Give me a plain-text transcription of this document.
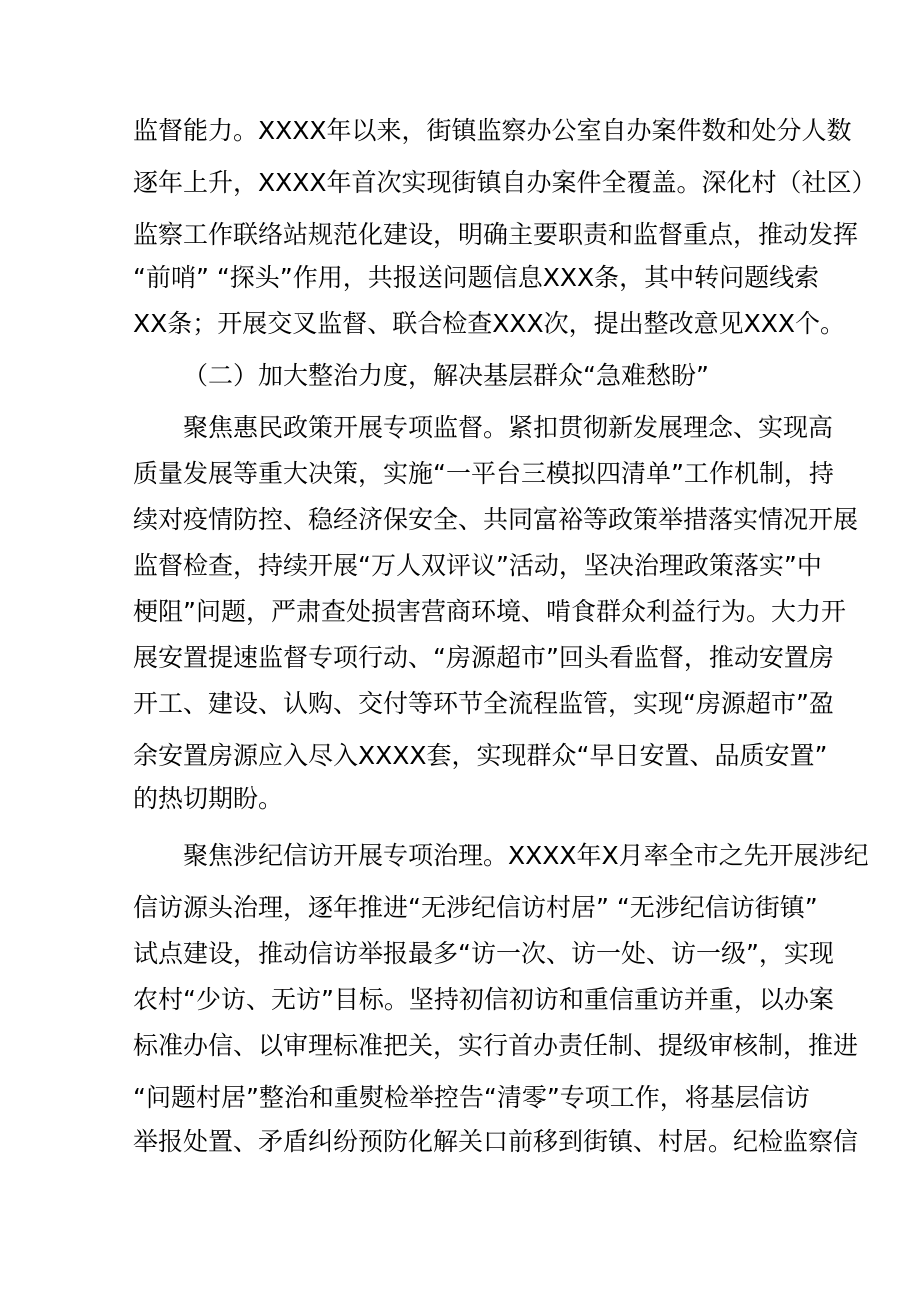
监督能力。XXXX年以来，街镇监察办公室自办案件数和处分人数
逐年上升，XXXX年首次实现街镇自办案件全覆盖。深化村（社区）
监察工作联络站规范化建设，明确主要职责和监督重点，推动发挥
“前哨” “探头”作用，共报送问题信息XXX条，其中转问题线索
XX条；开展交叉监督、联合检查XXX次，提出整改意见XXX个。
（二）加大整治力度，解决基层群众“急难愁盼”
聚焦惠民政策开展专项监督。紧扣贯彻新发展理念、实现高
质量发展等重大决策，实施“一平台三模拟四清单”工作机制，持
续对疫情防控、稳经济保安全、共同富裕等政策举措落实情况开展
监督检查，持续开展“万人双评议”活动，坚决治理政策落实”中
梗阻”问题，严肃查处损害营商环境、啃食群众利益行为。大力开
展安置提速监督专项行动、“房源超市”回头看监督，推动安置房
开工、建设、认购、交付等环节全流程监管，实现“房源超市”盈
余安置房源应入尽入XXXX套，实现群众“早日安置、品质安置”
的热切期盼。
聚焦涉纪信访开展专项治理。XXXX年X月率全市之先开展涉纪
信访源头治理，逐年推进“无涉纪信访村居” “无涉纪信访街镇”
试点建设，推动信访举报最多“访一次、访一处、访一级”，实现
农村“少访、无访”目标。坚持初信初访和重信重访并重，以办案
标准办信、以审理标准把关，实行首办责任制、提级审核制，推进
“问题村居”整治和重熨检举控告“清零”专项工作，将基层信访
举报处置、矛盾纠纷预防化解关口前移到街镇、村居。纪检监察信
